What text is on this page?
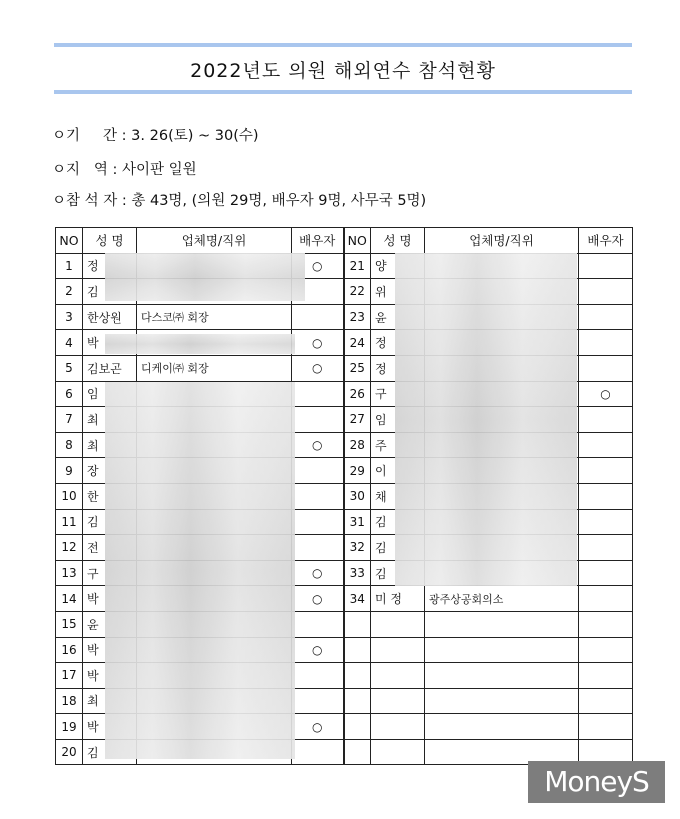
2022년도 의원 해외연수 참석현황
ㅇ기     간 : 3. 26(토) ~ 30(수)
ㅇ지   역 : 사이판 일원
ㅇ참 석 자 : 총 43명, (의원 29명, 배우자 9명, 사무국 5명)
NO	성 명	업체명/직위	배우자	NO	성 명	업체명/직위	배우자
1	정		○	21	양		
2	김			22	위		
3	한상원	다스코㈜ 회장		23	윤		
4	박		○	24	정		
5	김보곤	디케이㈜ 회장	○	25	정		
6	임			26	구		○
7	최			27	임		
8	최		○	28	주		
9	장			29	이		
10	한			30	채		
11	김			31	김		
12	전			32	김		
13	구		○	33	김		
14	박		○	34	미 정	광주상공회의소	
15	윤						
16	박		○				
17	박						
18	최						
19	박		○				
20	김						
MoneyS
